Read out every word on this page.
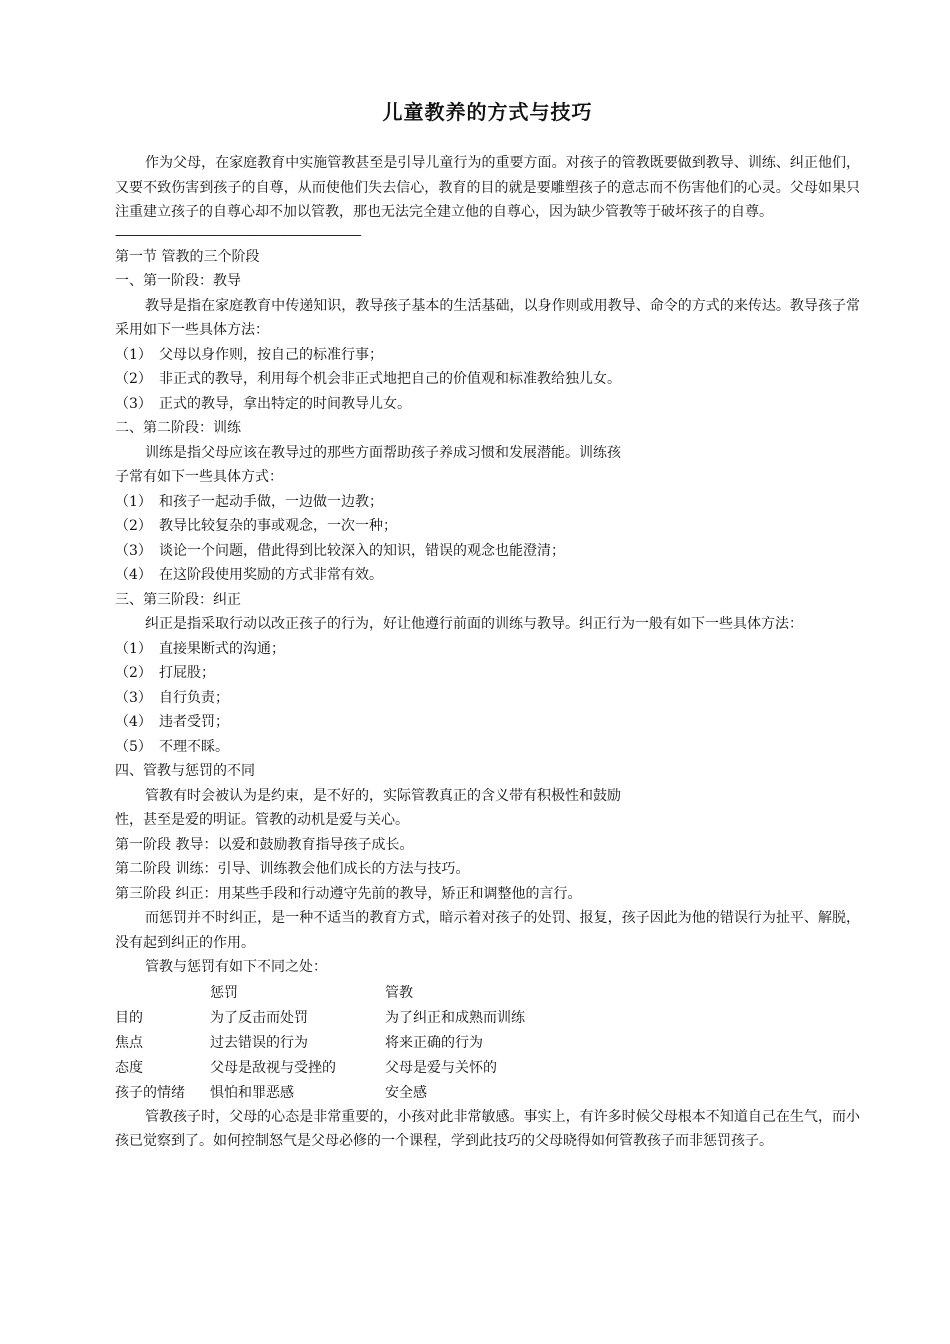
儿童教养的方式与技巧

作为父母，在家庭教育中实施管教甚至是引导儿童行为的重要方面。对孩子的管教既要做到教导、训练、纠正他们，又要不致伤害到孩子的自尊，从而使他们失去信心，教育的目的就是要雕塑孩子的意志而不伤害他们的心灵。父母如果只注重建立孩子的自尊心却不加以管教，那也无法完全建立他的自尊心，因为缺少管教等于破坏孩子的自尊。

--------------------------------------------------------------------------------------

第一节 管教的三个阶段

一、第一阶段：教导

教导是指在家庭教育中传递知识，教导孩子基本的生活基础，以身作则或用教导、命令的方式的来传达。教导孩子常采用如下一些具体方法：

（1） 父母以身作则，按自己的标准行事；
（2） 非正式的教导，利用每个机会非正式地把自己的价值观和标准教给独儿女。
（3） 正式的教导，拿出特定的时间教导儿女。

二、第二阶段：训练

训练是指父母应该在教导过的那些方面帮助孩子养成习惯和发展潜能。训练孩

子常有如下一些具体方式：

（1） 和孩子一起动手做，一边做一边教；
（2） 教导比较复杂的事或观念，一次一种；
（3） 谈论一个问题，借此得到比较深入的知识，错误的观念也能澄清；
（4） 在这阶段使用奖励的方式非常有效。

三、第三阶段：纠正

纠正是指采取行动以改正孩子的行为，好让他遵行前面的训练与教导。纠正行为一般有如下一些具体方法：

（1） 直接果断式的沟通；
（2） 打屁股；
（3） 自行负责；
（4） 违者受罚；
（5） 不理不睬。

四、管教与惩罚的不同

管教有时会被认为是约束，是不好的，实际管教真正的含义带有积极性和鼓励

性，甚至是爱的明证。管教的动机是爱与关心。

第一阶段 教导：以爱和鼓励教育指导孩子成长。

第二阶段 训练：引导、训练教会他们成长的方法与技巧。

第三阶段 纠正：用某些手段和行动遵守先前的教导，矫正和调整他的言行。

而惩罚并不时纠正，是一种不适当的教育方式，暗示着对孩子的处罚、报复，孩子因此为他的错误行为扯平、解脱，没有起到纠正的作用。

管教与惩罚有如下不同之处：

	惩罚	管教
目的	为了反击而处罚	为了纠正和成熟而训练
焦点	过去错误的行为	将来正确的行为
态度	父母是敌视与受挫的	父母是爱与关怀的
孩子的情绪	惧怕和罪恶感	安全感

管教孩子时，父母的心态是非常重要的，小孩对此非常敏感。事实上，有许多时候父母根本不知道自己在生气，而小孩已觉察到了。如何控制怒气是父母必修的一个课程，学到此技巧的父母晓得如何管教孩子而非惩罚孩子。
